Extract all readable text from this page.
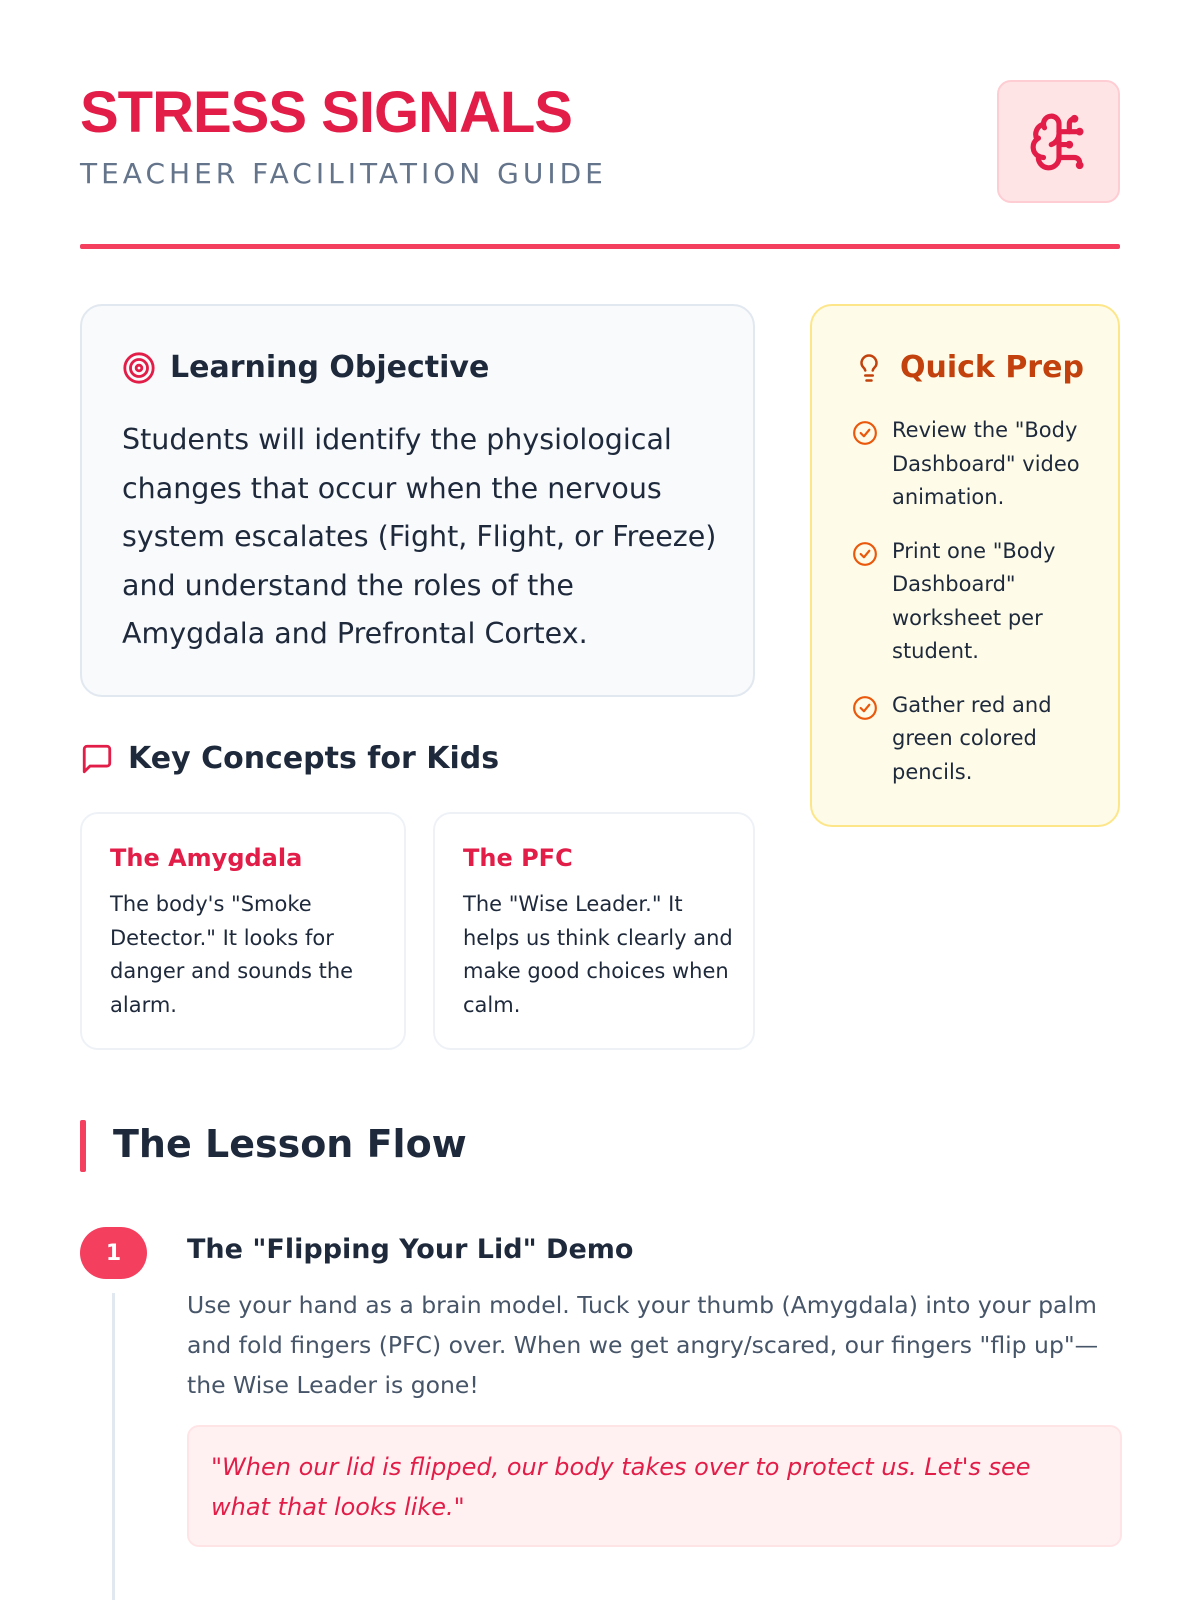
STRESS SIGNALS
TEACHER FACILITATION GUIDE
Learning Objective

Students will identify the physiological changes that occur when the nervous system escalates (Fight, Flight, or Freeze) and understand the roles of the Amygdala and Prefrontal Cortex.

Key Concepts for Kids
The Amygdala
The body's "Smoke Detector." It looks for danger and sounds the alarm.
The PFC
The "Wise Leader." It helps us think clearly and make good choices when calm.
Quick Prep
Review the "Body Dashboard" video animation.
Print one "Body Dashboard" worksheet per student.
Gather red and green colored pencils.
The Lesson Flow
1	The "Flipping Your Lid" Demo

Use your hand as a brain model. Tuck your thumb (Amygdala) into your palm and fold fingers (PFC) over. When we get angry/scared, our fingers "flip up"—the Wise Leader is gone!

"When our lid is flipped, our body takes over to protect us. Let's see what that looks like."
